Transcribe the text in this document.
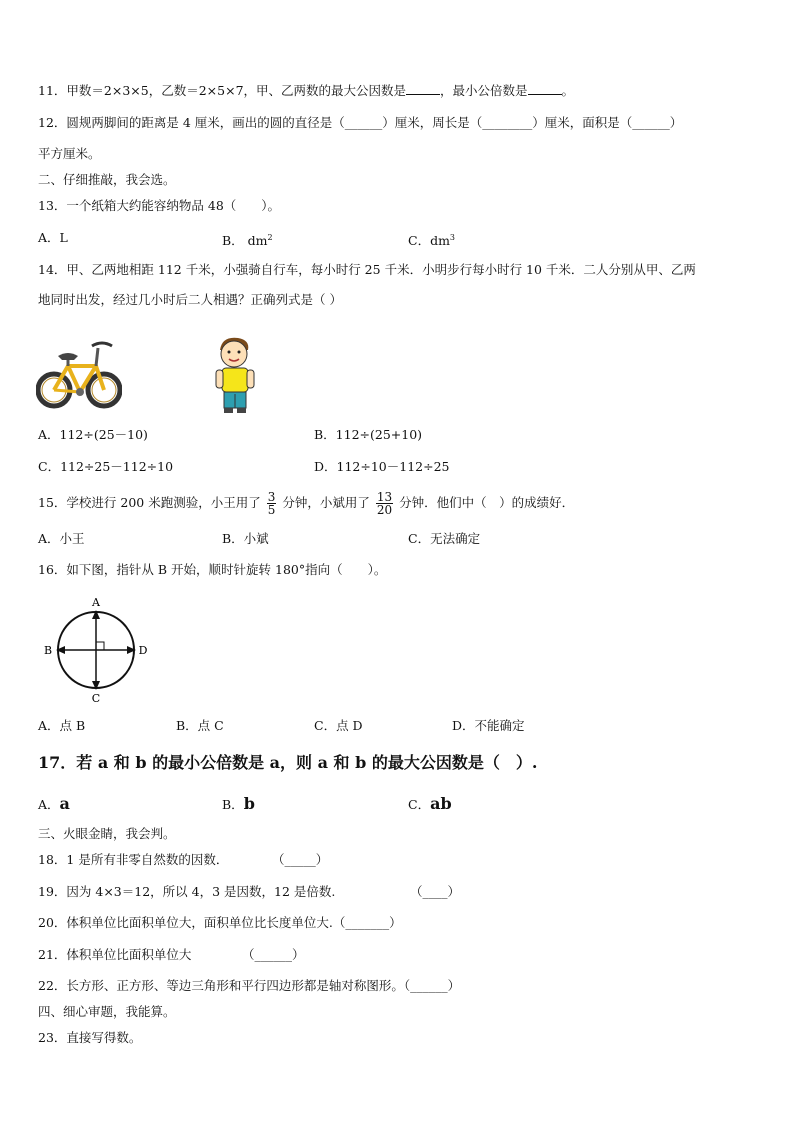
11．甲数＝2×3×5，乙数＝2×5×7，甲、乙两数的最大公因数是	，最小公倍数是	。
12．圆规两脚间的距离是 4 厘米，画出的圆的直径是（______）厘米，周长是（________）厘米，面积是（______）
平方厘米。
二、仔细推敲，我会选。
13．一个纸箱大约能容纳物品 48（　　）。
A．L	B． $dm^2$	C．$dm^3$
14．甲、乙两地相距 112 千米，小强骑自行车，每小时行 25 千米．小明步行每小时行 10 千米．二人分别从甲、乙两
地同时出发，经过几小时后二人相遇？正确列式是（ ）
A．112÷(25－10)	B．112÷(25+10)
C．112÷25－112÷10	D．112÷10－112÷25
15．学校进行 200 米跑测验，小王用了 $\frac{3}{5}$ 分钟，小斌用了 $\frac{13}{20}$ 分钟．他们中（　）的成绩好．
A．小王	B．小斌	C．无法确定
16．如下图，指针从 B 开始，顺时针旋转 180°指向（　　）。
A
B
C
D
A．点 B	B．点 C	C．点 D	D．不能确定
17．若 a 和 b 的最小公倍数是 a，则 a 和 b 的最大公因数是（　）.
A．a	B．b	C．ab
三、火眼金睛，我会判。
18．1 是所有非零自然数的因数．	（_____）
19．因为 4×3＝12，所以 4，3 是因数，12 是倍数.	（____）
20．体积单位比面积单位大，面积单位比长度单位大.（_______）
21．体积单位比面积单位大	（______）
22．长方形、正方形、等边三角形和平行四边形都是轴对称图形。（______）
四、细心审题，我能算。
23．直接写得数。
